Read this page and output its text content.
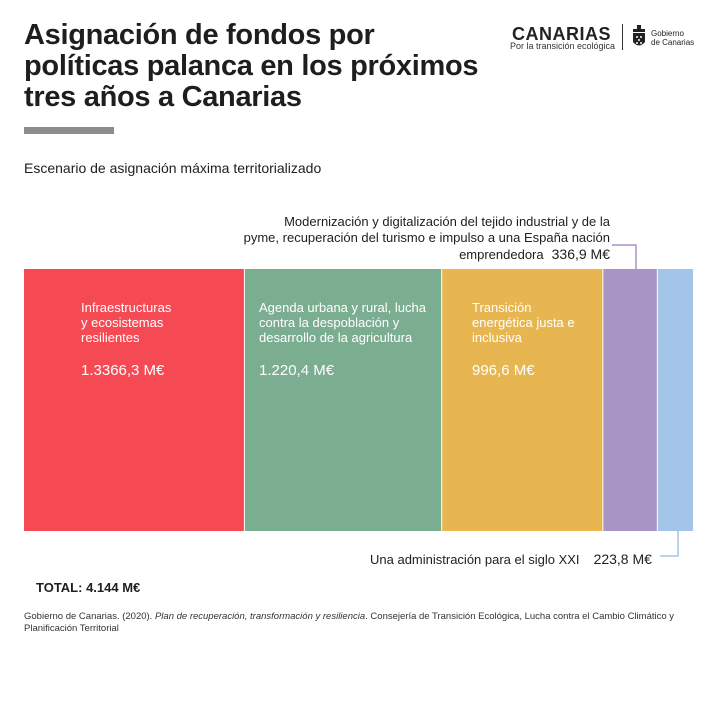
Asignación de fondos por políticas palanca en los próximos tres años a Canarias
CANARIAS
Por la transición ecológica
Gobierno
de Canarias
Escenario de asignación máxima territorializado
Modernización y digitalización del tejido industrial y de la
pyme, recuperación del turismo e impulso a una España nación
emprendedora 336,9 M€
Infraestructuras
y ecosistemas
resilientes
1.3366,3 M€
Agenda urbana y rural, lucha
contra la despoblación y
desarrollo de la agricultura
1.220,4 M€
Transición
energética justa e
inclusiva
996,6 M€
Una administración para el siglo XXI 223,8 M€
TOTAL: 4.144 M€
Gobierno de Canarias. (2020). Plan de recuperación, transformación y resiliencia. Consejería de Transición Ecológica, Lucha contra el Cambio Climático y Planificación Territorial
